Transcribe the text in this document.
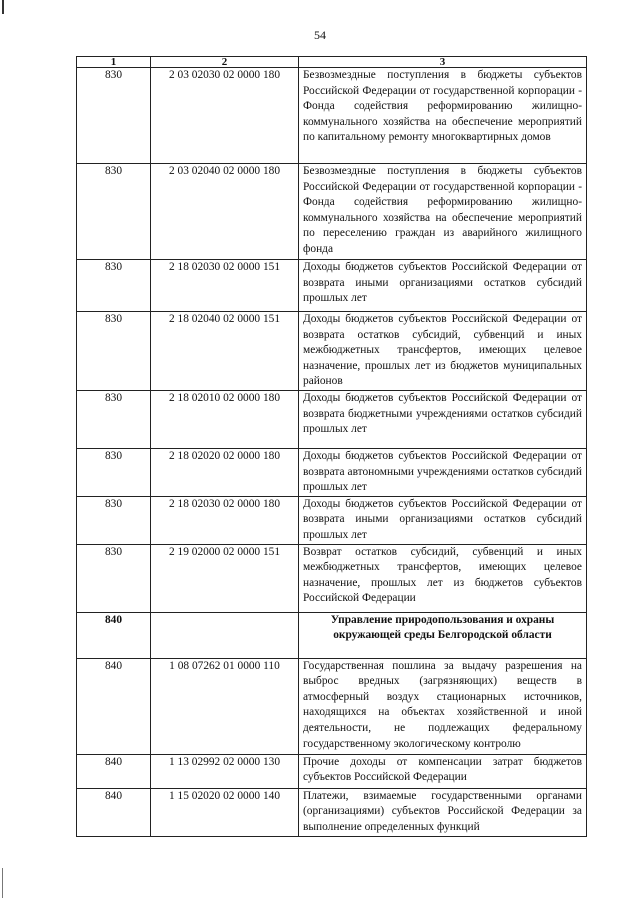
54
1	2	3
830	2 03 02030 02 0000 180	Безвозмездные поступления в бюджеты субъектов Российской Федерации от государственной корпорации - Фонда содействия реформированию жилищно-коммунального хозяйства на обеспечение мероприятий по капитальному ремонту многоквартирных домов
830	2 03 02040 02 0000 180	Безвозмездные поступления в бюджеты субъектов Российской Федерации от государственной корпорации - Фонда содействия реформированию жилищно-коммунального хозяйства на обеспечение мероприятий по переселению граждан из аварийного жилищного фонда
830	2 18 02030 02 0000 151	Доходы бюджетов субъектов Российской Федерации от возврата иными организациями остатков субсидий прошлых лет
830	2 18 02040 02 0000 151	Доходы бюджетов субъектов Российской Федерации от возврата остатков субсидий, субвенций и иных межбюджетных трансфертов, имеющих целевое назначение, прошлых лет из бюджетов муниципальных районов
830	2 18 02010 02 0000 180	Доходы бюджетов субъектов Российской Федерации от возврата бюджетными учреждениями остатков субсидий прошлых лет
830	2 18 02020 02 0000 180	Доходы бюджетов субъектов Российской Федерации от возврата автономными учреждениями остатков субсидий прошлых лет
830	2 18 02030 02 0000 180	Доходы бюджетов субъектов Российской Федерации от возврата иными организациями остатков субсидий прошлых лет
830	2 19 02000 02 0000 151	Возврат остатков субсидий, субвенций и иных межбюджетных трансфертов, имеющих целевое назначение, прошлых лет из бюджетов субъектов Российской Федерации
840		Управление природопользования и охраны окружающей среды Белгородской области
840	1 08 07262 01 0000 110	Государственная пошлина за выдачу разрешения на выброс вредных (загрязняющих) веществ в атмосферный воздух стационарных источников, находящихся на объектах хозяйственной и иной деятельности, не подлежащих федеральному государственному экологическому контролю
840	1 13 02992 02 0000 130	Прочие доходы от компенсации затрат бюджетов субъектов Российской Федерации
840	1 15 02020 02 0000 140	Платежи, взимаемые государственными органами (организациями) субъектов Российской Федерации за выполнение определенных функций
